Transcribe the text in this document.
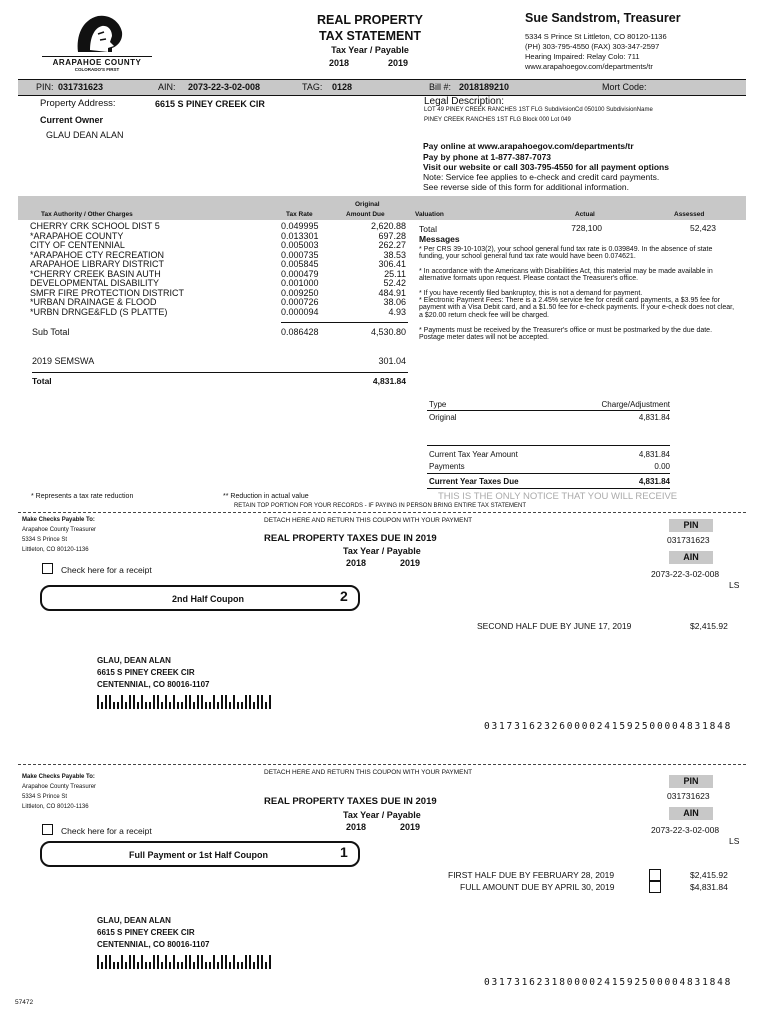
ARAPAHOE COUNTY
COLORADO'S FIRST
REAL PROPERTY
TAX STATEMENT
Tax Year / Payable
2018	2019
Sue Sandstrom, Treasurer
5334 S Prince St Littleton, CO 80120-1136
(PH) 303-795-4550 (FAX) 303-347-2597
Hearing Impaired: Relay Colo: 711
www.arapahoegov.com/departments/tr
PIN: 031731623	AIN: 2073-22-3-02-008	TAG: 0128	Bill #: 2018189210	Mort Code:
Property Address:	6615 S PINEY CREEK CIR
Current Owner
GLAU DEAN ALAN
Legal Description:
LOT 49 PINEY CREEK RANCHES 1ST FLG SubdivisionCd 050100 SubdivisionName
PINEY CREEK RANCHES 1ST FLG Block 000 Lot 049
Pay online at www.arapahoegov.com/departments/tr
Pay by phone at 1-877-387-7073
Visit our website or call 303-795-4550 for all payment options
Note: Service fee applies to e-check and credit card payments.
See reverse side of this form for additional information.
Tax Authority / Other Charges	Tax Rate
Original
Amount Due	Valuation	Actual	Assessed
CHERRY CRK SCHOOL DIST 5	0.049995	2,620.88
*ARAPAHOE COUNTY	0.013301	697.28
CITY OF CENTENNIAL	0.005003	262.27
*ARAPAHOE CTY RECREATION	0.000735	38.53
ARAPAHOE LIBRARY DISTRICT	0.005845	306.41
*CHERRY CREEK BASIN AUTH	0.000479	25.11
DEVELOPMENTAL DISABILITY	0.001000	52.42
SMFR FIRE PROTECTION DISTRICT	0.009250	484.91
*URBAN DRAINAGE & FLOOD	0.000726	38.06
*URBN DRNGE&FLD (S PLATTE)	0.000094	4.93
Sub Total	0.086428	4,530.80
2019 SEMSWA	301.04
Total	4,831.84
Total	728,100	52,423
Messages
* Per CRS 39-10-103(2), your school general fund tax rate is 0.039849. In the absence of state funding, your school general fund tax rate would have been 0.074621.
* In accordance with the Americans with Disabilities Act, this material may be made available in alternative formats upon request. Please contact the Treasurer's office.
* If you have recently filed bankruptcy, this is not a demand for payment.
* Electronic Payment Fees: There is a 2.45% service fee for credit card payments, a $3.95 fee for payment with a Visa Debit card, and a $1.50 fee for e-check payments. If your e-check does not clear, a $20.00 return check fee will be charged.
* Payments must be received by the Treasurer's office or must be postmarked by the due date. Postage meter dates will not be accepted.
Type	Charge/Adjustment
Original	4,831.84
Current Tax Year Amount	4,831.84
Payments	0.00
Current Year Taxes Due	4,831.84
* Represents a tax rate reduction	** Reduction in actual value	THIS IS THE ONLY NOTICE THAT YOU WILL RECEIVE
RETAIN TOP PORTION FOR YOUR RECORDS - IF PAYING IN PERSON BRING ENTIRE TAX STATEMENT
Make Checks Payable To:
Arapahoe County Treasurer
5334 S Prince St
Littleton, CO 80120-1136
DETACH HERE AND RETURN THIS COUPON WITH YOUR PAYMENT
REAL PROPERTY TAXES DUE IN 2019
Tax Year / Payable
2018	2019
Check here for a receipt
PIN
031731623
AIN
2073-22-3-02-008
LS
2nd Half Coupon	2
SECOND HALF DUE BY JUNE 17, 2019	$2,415.92
GLAU, DEAN ALAN
6615 S PINEY CREEK CIR
CENTENNIAL, CO 80016-1107
031731623260000241592500004831848
DETACH HERE AND RETURN THIS COUPON WITH YOUR PAYMENT
Make Checks Payable To:
Arapahoe County Treasurer
5334 S Prince St
Littleton, CO 80120-1136	REAL PROPERTY TAXES DUE IN 2019
Tax Year / Payable
2018	2019
Check here for a receipt
PIN
031731623
AIN
2073-22-3-02-008
LS
Full Payment or 1st Half Coupon	1
FIRST HALF DUE BY FEBRUARY 28, 2019	$2,415.92
FULL AMOUNT DUE BY APRIL 30, 2019	$4,831.84
GLAU, DEAN ALAN
6615 S PINEY CREEK CIR
CENTENNIAL, CO 80016-1107
031731623180000241592500004831848
57472
